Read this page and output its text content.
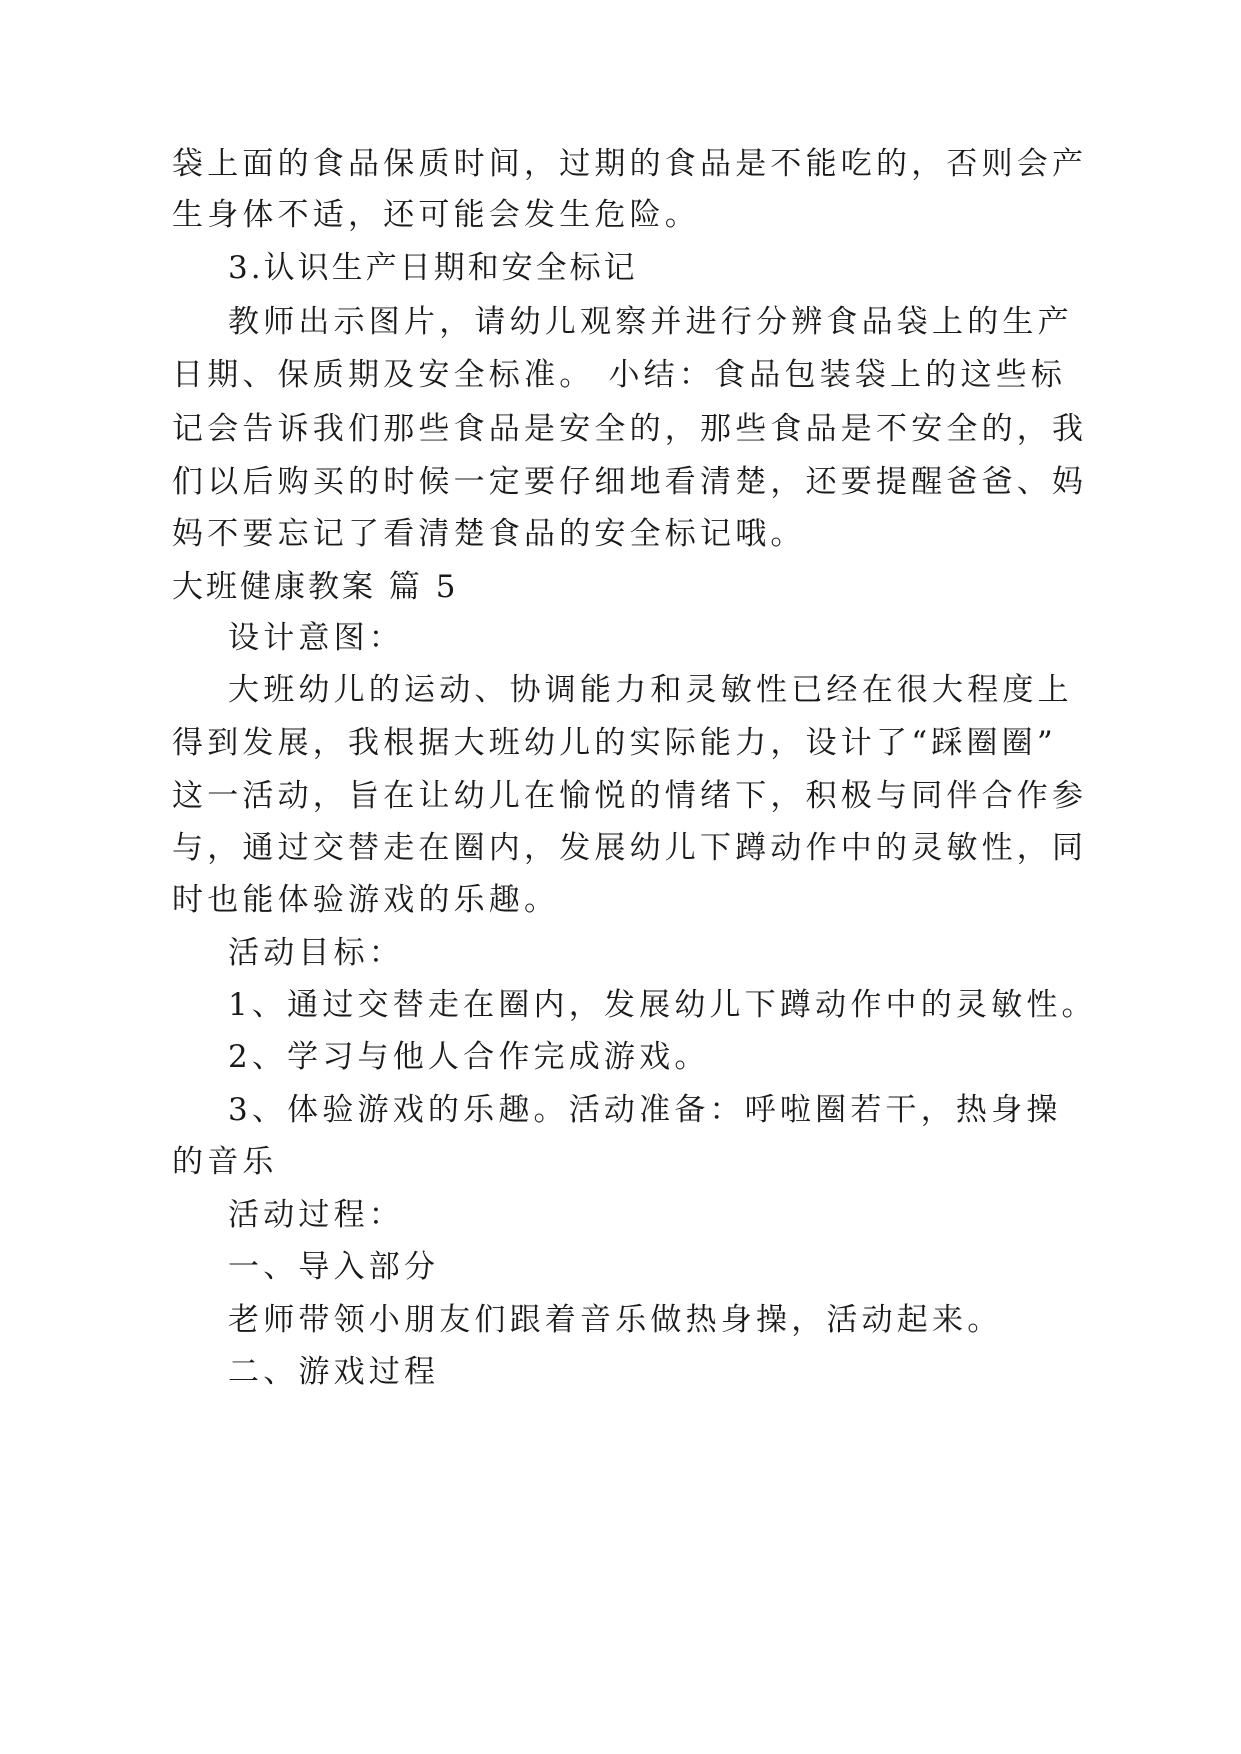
袋上面的食品保质时间，过期的食品是不能吃的，否则会产
生身体不适，还可能会发生危险。
3.认识生产日期和安全标记
教师出示图片，请幼儿观察并进行分辨食品袋上的生产
日期、保质期及安全标准。 小结：食品包装袋上的这些标
记会告诉我们那些食品是安全的，那些食品是不安全的，我
们以后购买的时候一定要仔细地看清楚，还要提醒爸爸、妈
妈不要忘记了看清楚食品的安全标记哦。
大班健康教案 篇 5
设计意图：
大班幼儿的运动、协调能力和灵敏性已经在很大程度上
得到发展，我根据大班幼儿的实际能力，设计了“踩圈圈”
这一活动，旨在让幼儿在愉悦的情绪下，积极与同伴合作参
与，通过交替走在圈内，发展幼儿下蹲动作中的灵敏性，同
时也能体验游戏的乐趣。
活动目标：
1、通过交替走在圈内，发展幼儿下蹲动作中的灵敏性。
2、学习与他人合作完成游戏。
3、体验游戏的乐趣。活动准备：呼啦圈若干，热身操
的音乐
活动过程：
一、导入部分
老师带领小朋友们跟着音乐做热身操，活动起来。
二、游戏过程
